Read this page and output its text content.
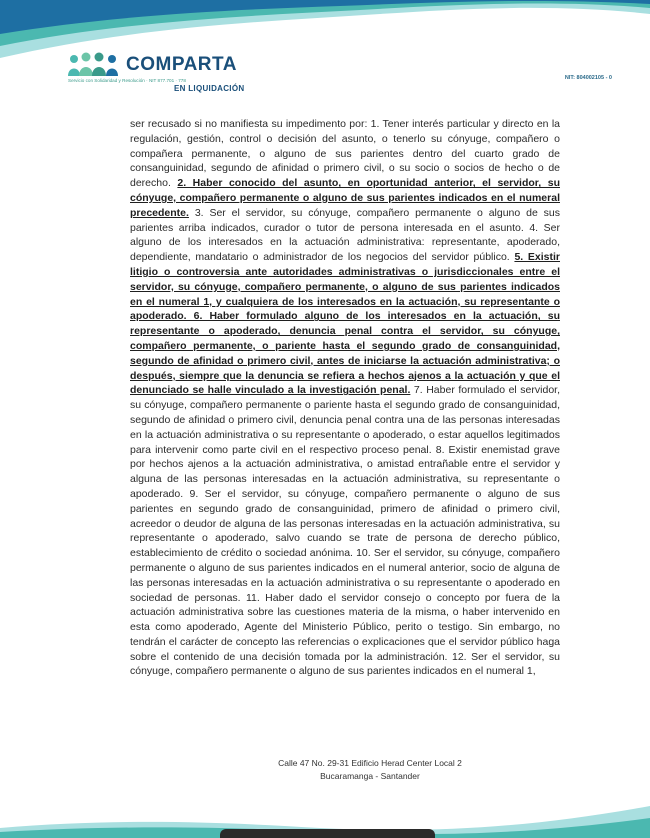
COMPARTA
Servicio con Solidaridad y Resolución · NIT 877.701 · 778
EN LIQUIDACIÓN
NIT: 804002105 - 0

ser recusado si no manifiesta su impedimento por: 1. Tener interés particular y directo en la regulación, gestión, control o decisión del asunto, o tenerlo su cónyuge, compañero o compañera permanente, o alguno de sus parientes dentro del cuarto grado de consanguinidad, segundo de afinidad o primero civil, o su socio o socios de hecho o de derecho. 2. Haber conocido del asunto, en oportunidad anterior, el servidor, su cónyuge, compañero permanente o alguno de sus parientes indicados en el numeral precedente. 3. Ser el servidor, su cónyuge, compañero permanente o alguno de sus parientes arriba indicados, curador o tutor de persona interesada en el asunto. 4. Ser alguno de los interesados en la actuación administrativa: representante, apoderado, dependiente, mandatario o administrador de los negocios del servidor público. 5. Existir litigio o controversia ante autoridades administrativas o jurisdiccionales entre el servidor, su cónyuge, compañero permanente, o alguno de sus parientes indicados en el numeral 1, y cualquiera de los interesados en la actuación, su representante o apoderado. 6. Haber formulado alguno de los interesados en la actuación, su representante o apoderado, denuncia penal contra el servidor, su cónyuge, compañero permanente, o pariente hasta el segundo grado de consanguinidad, segundo de afinidad o primero civil, antes de iniciarse la actuación administrativa; o después, siempre que la denuncia se refiera a hechos ajenos a la actuación y que el denunciado se halle vinculado a la investigación penal. 7. Haber formulado el servidor, su cónyuge, compañero permanente o pariente hasta el segundo grado de consanguinidad, segundo de afinidad o primero civil, denuncia penal contra una de las personas interesadas en la actuación administrativa o su representante o apoderado, o estar aquellos legitimados para intervenir como parte civil en el respectivo proceso penal. 8. Existir enemistad grave por hechos ajenos a la actuación administrativa, o amistad entrañable entre el servidor y alguna de las personas interesadas en la actuación administrativa, su representante o apoderado. 9. Ser el servidor, su cónyuge, compañero permanente o alguno de sus parientes en segundo grado de consanguinidad, primero de afinidad o primero civil, acreedor o deudor de alguna de las personas interesadas en la actuación administrativa, su representante o apoderado, salvo cuando se trate de persona de derecho público, establecimiento de crédito o sociedad anónima. 10. Ser el servidor, su cónyuge, compañero permanente o alguno de sus parientes indicados en el numeral anterior, socio de alguna de las personas interesadas en la actuación administrativa o su representante o apoderado en sociedad de personas. 11. Haber dado el servidor consejo o concepto por fuera de la actuación administrativa sobre las cuestiones materia de la misma, o haber intervenido en esta como apoderado, Agente del Ministerio Público, perito o testigo. Sin embargo, no tendrán el carácter de concepto las referencias o explicaciones que el servidor público haga sobre el contenido de una decisión tomada por la administración. 12. Ser el servidor, su cónyuge, compañero permanente o alguno de sus parientes indicados en el numeral 1,

Calle 47 No. 29-31 Edificio Herad Center Local 2
Bucaramanga - Santander
